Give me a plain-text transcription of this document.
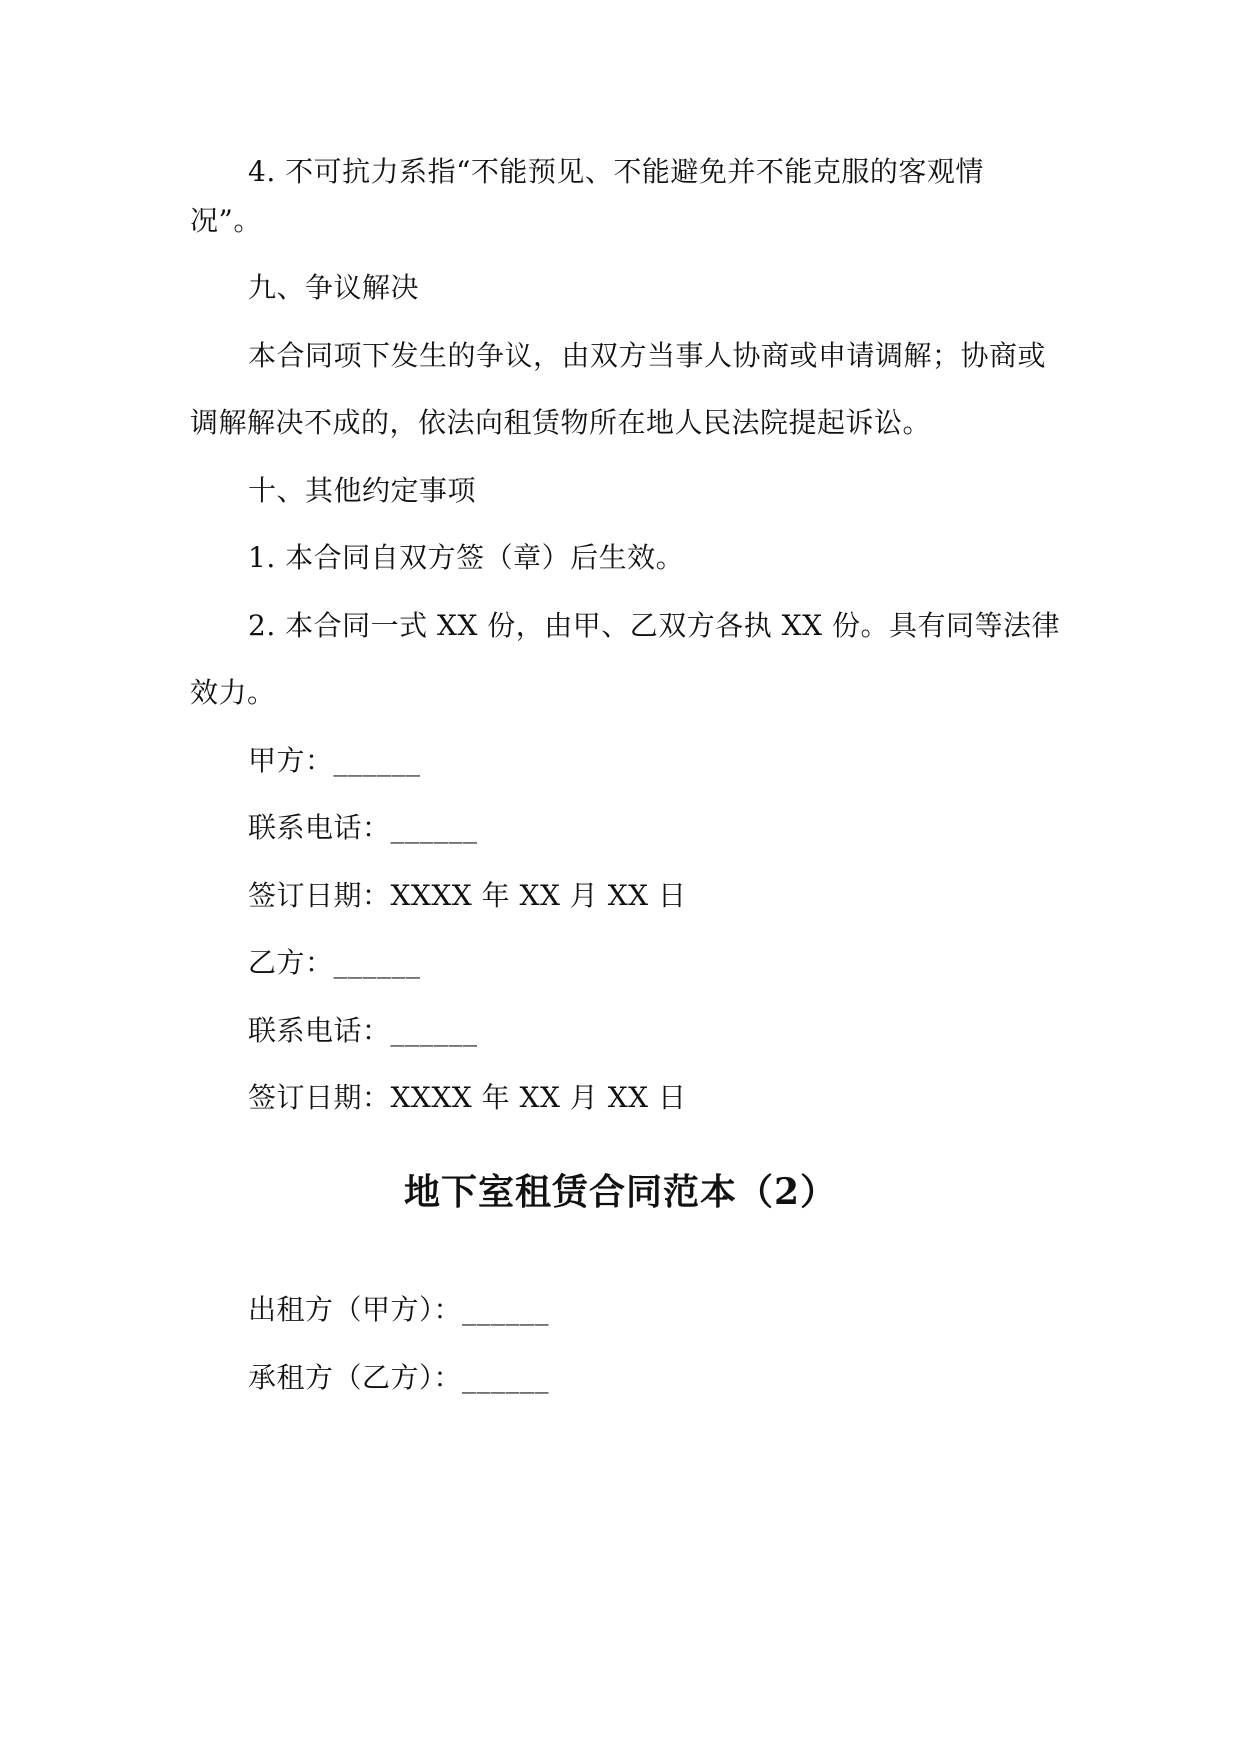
4. 不可抗力系指“不能预见、不能避免并不能克服的客观情
况”。
九、争议解决
本合同项下发生的争议，由双方当事人协商或申请调解；协商或
调解解决不成的，依法向租赁物所在地人民法院提起诉讼。
十、其他约定事项
1. 本合同自双方签（章）后生效。
2. 本合同一式 XX 份，由甲、乙双方各执 XX 份。具有同等法律
效力。
甲方：______
联系电话：______
签订日期：XXXX 年 XX 月 XX 日
乙方：______
联系电话：______
签订日期：XXXX 年 XX 月 XX 日
地下室租赁合同范本（2）
出租方（甲方）：______
承租方（乙方）：______
